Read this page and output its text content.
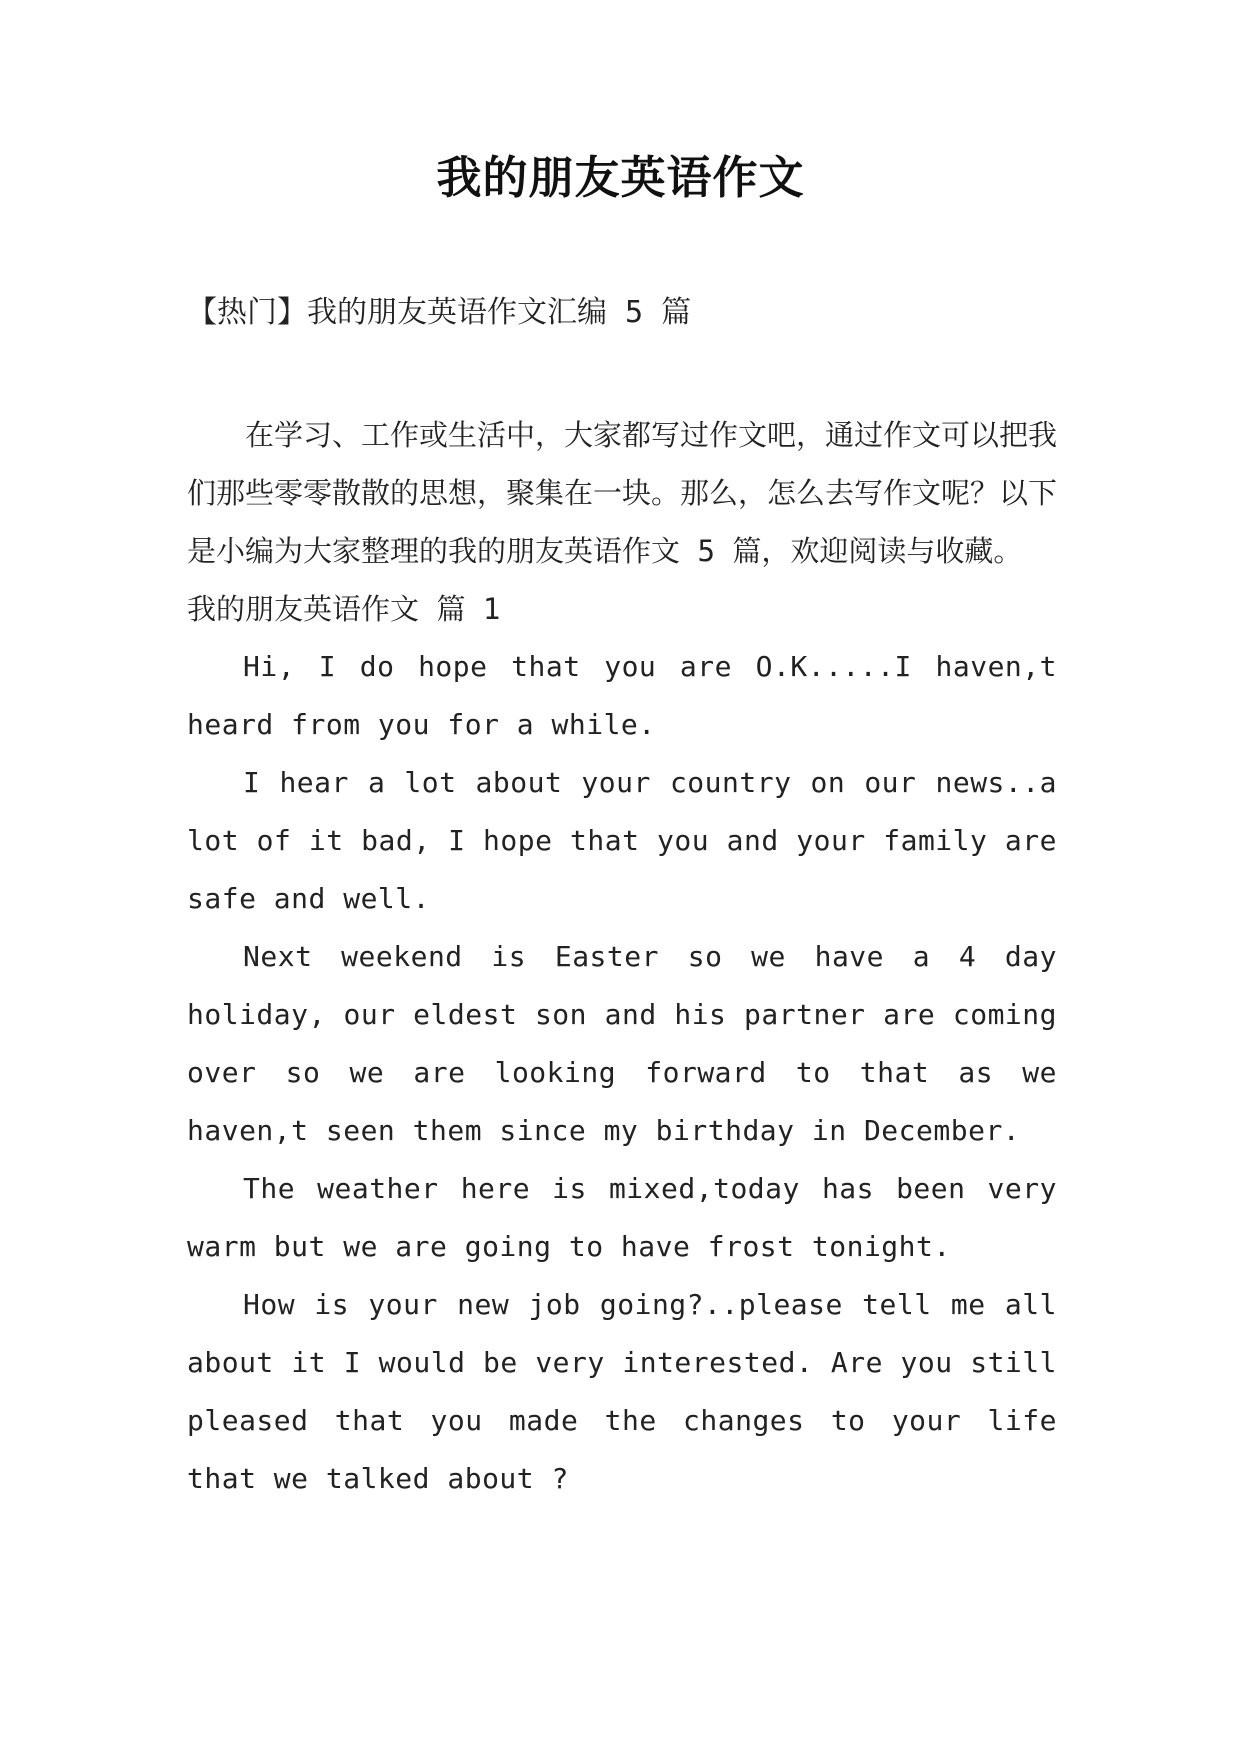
我的朋友英语作文
【热门】我的朋友英语作文汇编 5 篇

在学习、工作或生活中，大家都写过作文吧，通过作文可以把我们那些零零散散的思想，聚集在一块。那么，怎么去写作文呢？以下是小编为大家整理的我的朋友英语作文 5 篇，欢迎阅读与收藏。

我的朋友英语作文 篇 1

Hi, I do hope that you are O.K.....I haven,t heard from you for a while.

I hear a lot about your country on our news..a lot of it bad, I hope that you and your family are safe and well.

Next weekend is Easter so we have a 4 day holiday, our eldest son and his partner are coming over so we are looking forward to that as we haven,t seen them since my birthday in December.

The weather here is mixed,today has been very warm but we are going to have frost tonight.

How is your new job going?..please tell me all about it I would be very interested. Are you still pleased that you made the changes to your life that we talked about ?
